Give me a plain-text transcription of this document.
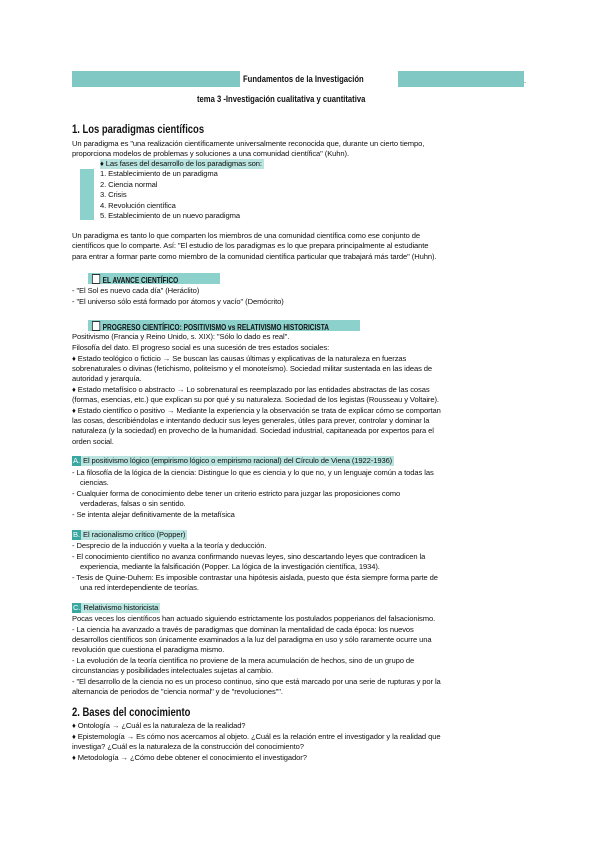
Fundamentos de la Investigación	.
tema 3 -Investigación cualitativa y cuantitativa
1. Los paradigmas científicos
Un paradigma es "una realización científicamente universalmente reconocida que, durante un cierto tiempo,
proporciona modelos de problemas y soluciones a una comunidad científica" (Kuhn).
♦ Las fases del desarrollo de los paradigmas son:
1. Establecimiento de un paradigma
2. Ciencia normal
3. Crisis
4. Revolución científica
5. Establecimiento de un nuevo paradigma
Un paradigma es tanto lo que comparten los miembros de una comunidad científica como ese conjunto de
científicos que lo comparte. Así: "El estudio de los paradigmas es lo que prepara principalmente al estudiante
para entrar a formar parte como miembro de la comunidad científica particular que trabajará más tarde" (Huhn).
EL AVANCE CIENTÍFICO
- "El Sol es nuevo cada día" (Heráclito)
- "El universo sólo está formado por átomos y vacío" (Demócrito)
PROGRESO CIENTÍFICO: POSITIVISMO vs RELATIVISMO HISTORICISTA
Positivismo (Francia y Reino Unido, s. XIX): "Sólo lo dado es real".
Filosofía del dato. El progreso social es una sucesión de tres estados sociales:
♦ Estado teológico o ficticio → Se buscan las causas últimas y explicativas de la naturaleza en fuerzas
sobrenaturales o divinas (fetichismo, politeísmo y el monoteísmo). Sociedad militar sustentada en las ideas de
autoridad y jerarquía.
♦ Estado metafísico o abstracto → Lo sobrenatural es reemplazado por las entidades abstractas de las cosas
(formas, esencias, etc.) que explican su por qué y su naturaleza. Sociedad de los legistas (Rousseau y Voltaire).
♦ Estado científico o positivo → Mediante la experiencia y la observación se trata de explicar cómo se comportan
las cosas, describiéndolas e intentando deducir sus leyes generales, útiles para prever, controlar y dominar la
naturaleza (y la sociedad) en provecho de la humanidad. Sociedad industrial, capitaneada por expertos para el
orden social.
A. El positivismo lógico (empirismo lógico o empirismo racional) del Círculo de Viena (1922-1936)
- La filosofía de la lógica de la ciencia: Distingue lo que es ciencia y lo que no, y un lenguaje común a todas las
ciencias.
- Cualquier forma de conocimiento debe tener un criterio estricto para juzgar las proposiciones como
verdaderas, falsas o sin sentido.
- Se intenta alejar definitivamente de la metafísica
B. El racionalismo crítico (Popper)
- Desprecio de la inducción y vuelta a la teoría y deducción.
- El conocimiento científico no avanza confirmando nuevas leyes, sino descartando leyes que contradicen la
experiencia, mediante la falsificación (Popper. La lógica de la investigación científica, 1934).
- Tesis de Quine-Duhem: Es imposible contrastar una hipótesis aislada, puesto que ésta siempre forma parte de
una red interdependiente de teorías.
C. Relativismo historicista
Pocas veces los científicos han actuado siguiendo estrictamente los postulados popperianos del falsacionismo.
- La ciencia ha avanzado a través de paradigmas que dominan la mentalidad de cada época: los nuevos
desarrollos científicos son únicamente examinados a la luz del paradigma en uso y sólo raramente ocurre una
revolución que cuestiona el paradigma mismo.
- La evolución de la teoría científica no proviene de la mera acumulación de hechos, sino de un grupo de
circunstancias y posibilidades intelectuales sujetas al cambio.
- "El desarrollo de la ciencia no es un proceso continuo, sino que está marcado por una serie de rupturas y por la
alternancia de periodos de "ciencia normal" y de "revoluciones"".
2. Bases del conocimiento
♦ Ontología → ¿Cuál es la naturaleza de la realidad?
♦ Epistemología → Es cómo nos acercamos al objeto. ¿Cuál es la relación entre el investigador y la realidad que
investiga? ¿Cuál es la naturaleza de la construcción del conocimiento?
♦ Metodología → ¿Cómo debe obtener el conocimiento el investigador?
